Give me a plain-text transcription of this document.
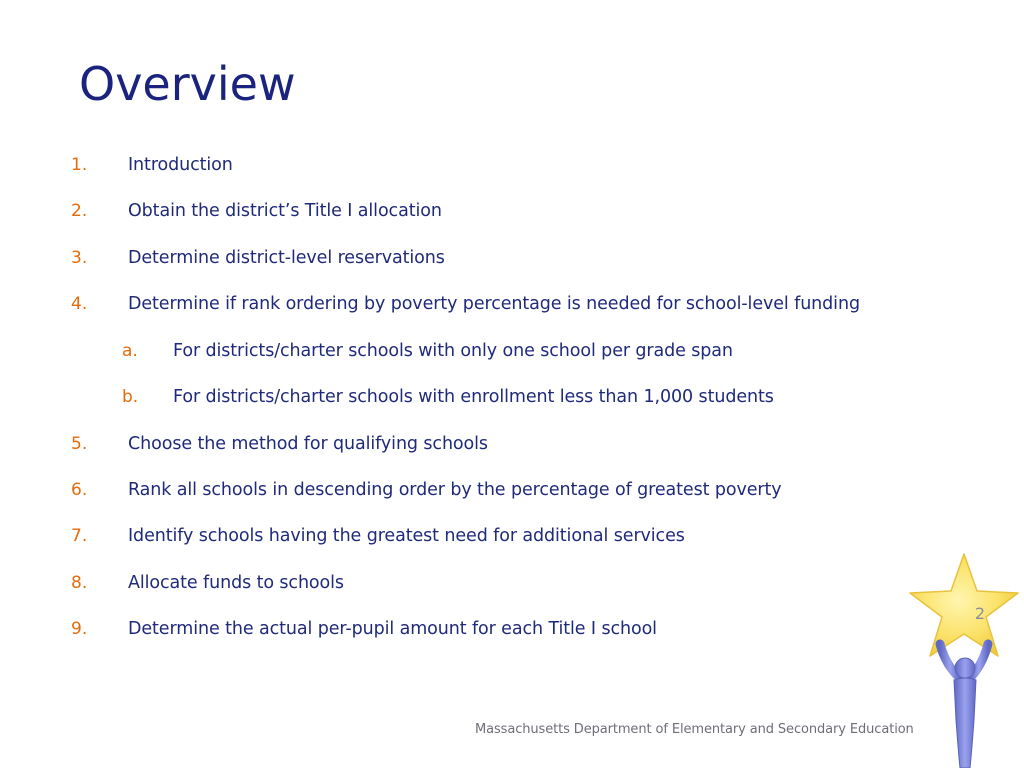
Overview
1. Introduction
2. Obtain the district’s Title I allocation
3. Determine district-level reservations
4. Determine if rank ordering by poverty percentage is needed for school-level funding
a. For districts/charter schools with only one school per grade span
b. For districts/charter schools with enrollment less than 1,000 students
5. Choose the method for qualifying schools
6. Rank all schools in descending order by the percentage of greatest poverty
7. Identify schools having the greatest need for additional services
8. Allocate funds to schools
9. Determine the actual per-pupil amount for each Title I school
2
Massachusetts Department of Elementary and Secondary Education
